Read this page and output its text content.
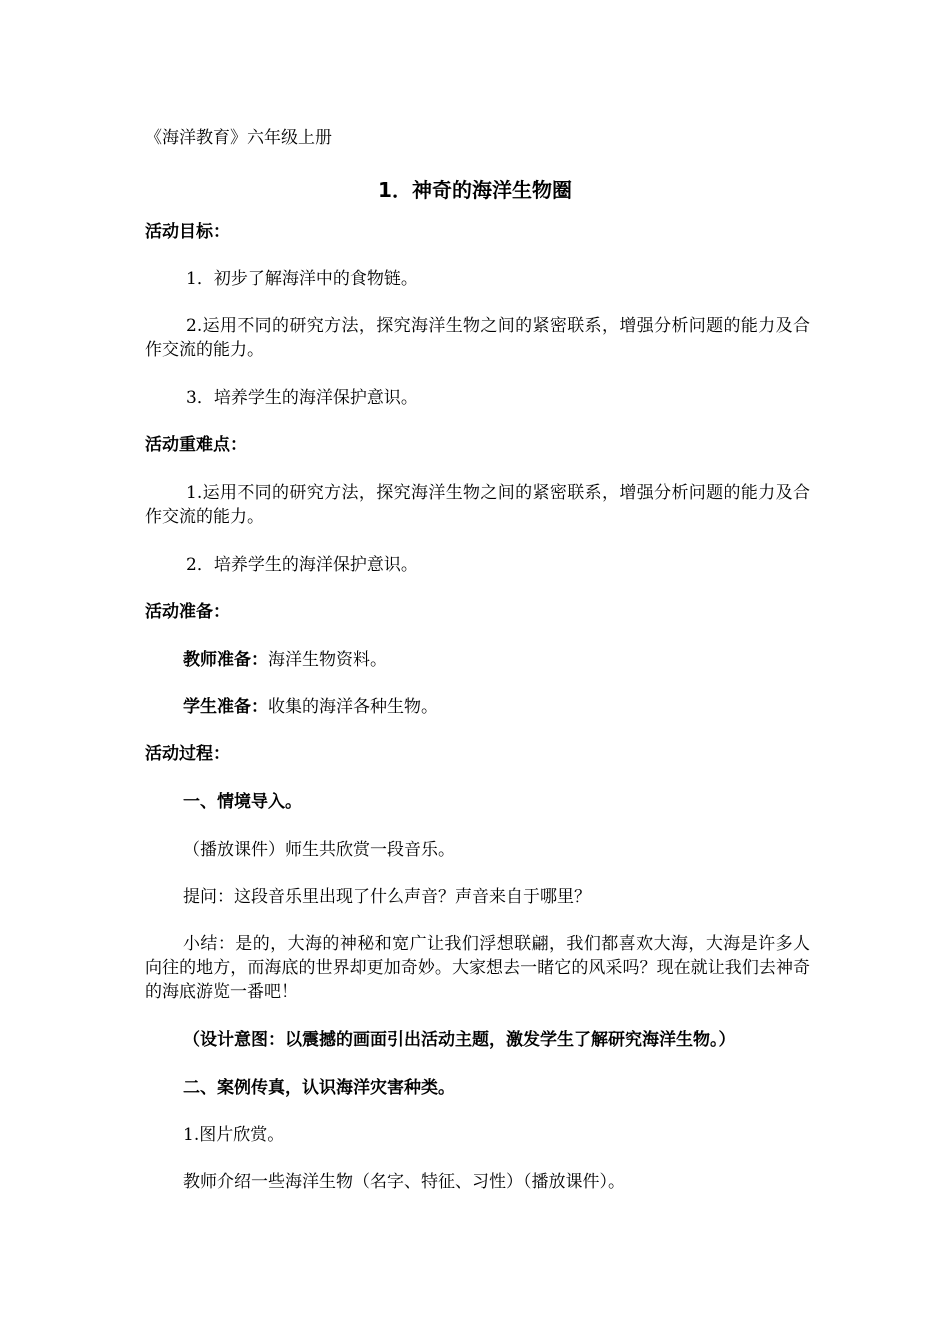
《海洋教育》六年级上册
1．神奇的海洋生物圈
活动目标：
1．初步了解海洋中的食物链。
2.运用不同的研究方法，探究海洋生物之间的紧密联系，增强分析问题的能力及合作交流的能力。
3．培养学生的海洋保护意识。
活动重难点：
1.运用不同的研究方法，探究海洋生物之间的紧密联系，增强分析问题的能力及合作交流的能力。
2．培养学生的海洋保护意识。
活动准备：
教师准备：海洋生物资料。
学生准备：收集的海洋各种生物。
活动过程：
一、情境导入。
（播放课件）师生共欣赏一段音乐。
提问：这段音乐里出现了什么声音？声音来自于哪里？
小结：是的，大海的神秘和宽广让我们浮想联翩，我们都喜欢大海，大海是许多人向往的地方，而海底的世界却更加奇妙。大家想去一睹它的风采吗？现在就让我们去神奇的海底游览一番吧！
（设计意图：以震撼的画面引出活动主题，激发学生了解研究海洋生物。）
二、案例传真，认识海洋灾害种类。
1.图片欣赏。
教师介绍一些海洋生物（名字、特征、习性）（播放课件）。
